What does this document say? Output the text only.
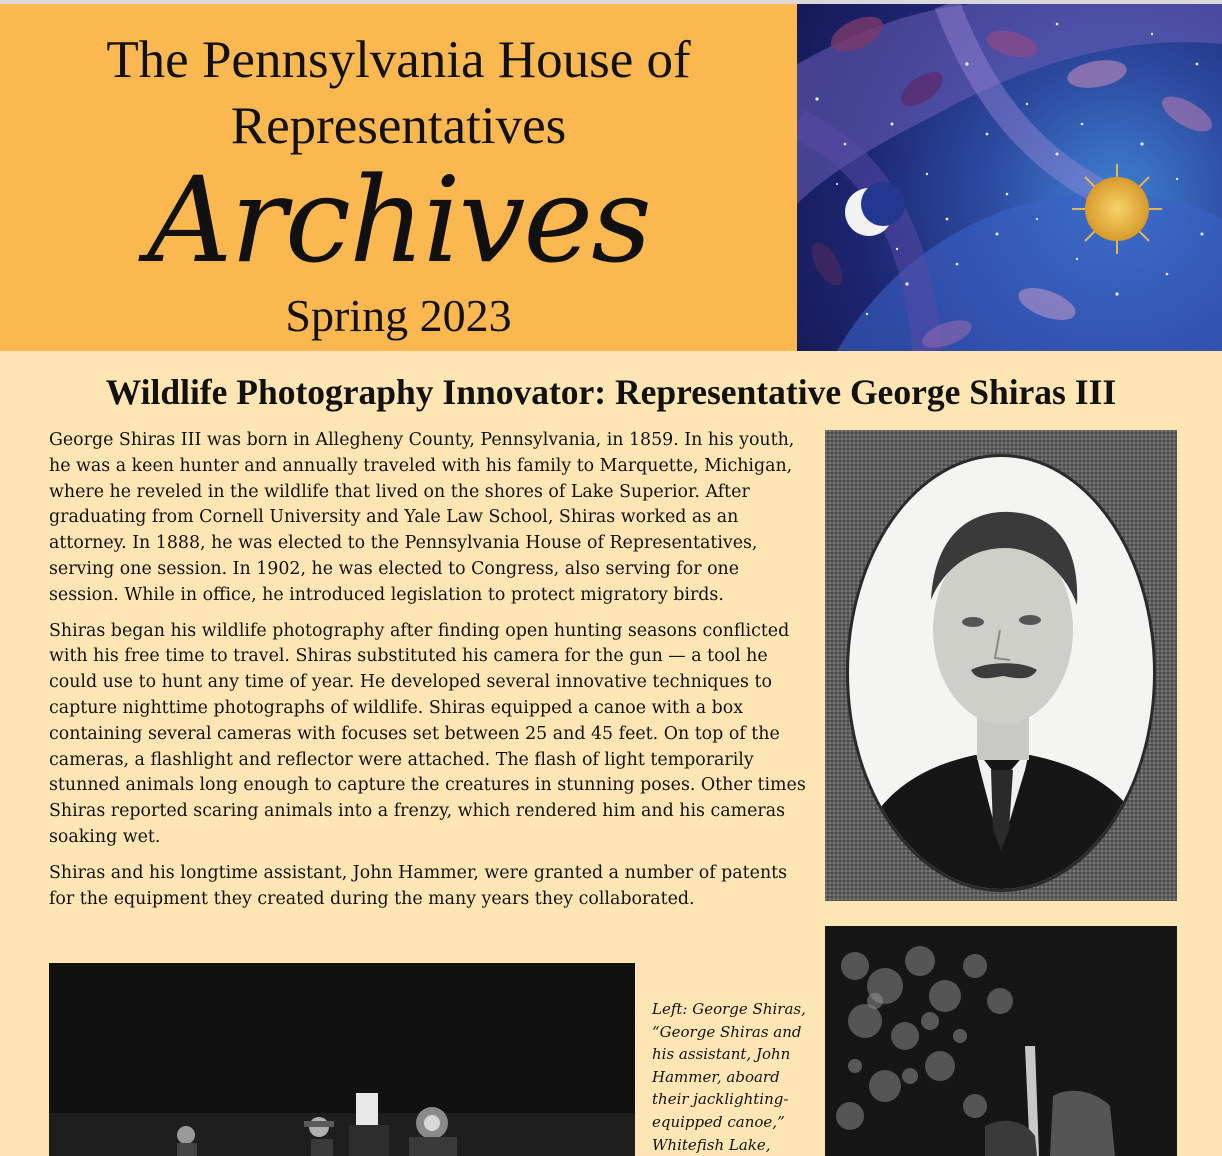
The Pennsylvania House of
Representatives
Archives
Spring 2023
Wildlife Photography Innovator: Representative George Shiras III

George Shiras III was born in Allegheny County, Pennsylvania, in 1859. In his youth, he was a keen hunter and annually traveled with his family to Marquette, Michigan, where he reveled in the wildlife that lived on the shores of Lake Superior. After graduating from Cornell University and Yale Law School, Shiras worked as an attorney. In 1888, he was elected to the Pennsylvania House of Representatives, serving one session. In 1902, he was elected to Congress, also serving for one session. While in office, he introduced legislation to protect migratory birds.

Shiras began his wildlife photography after finding open hunting seasons conflicted with his free time to travel. Shiras substituted his camera for the gun — a tool he could use to hunt any time of year. He developed several innovative techniques to capture nighttime photographs of wildlife. Shiras equipped a canoe with a box containing several cameras with focuses set between 25 and 45 feet. On top of the cameras, a flashlight and reflector were attached. The flash of light temporarily stunned animals long enough to capture the creatures in stunning poses. Other times Shiras reported scaring animals into a frenzy, which rendered him and his cameras soaking wet.

Shiras and his longtime assistant, John Hammer, were granted a number of patents for the equipment they created during the many years they collaborated.

Left: George Shiras, “George Shiras and his assistant, John Hammer, aboard their jacklighting-equipped canoe,” Whitefish Lake,
